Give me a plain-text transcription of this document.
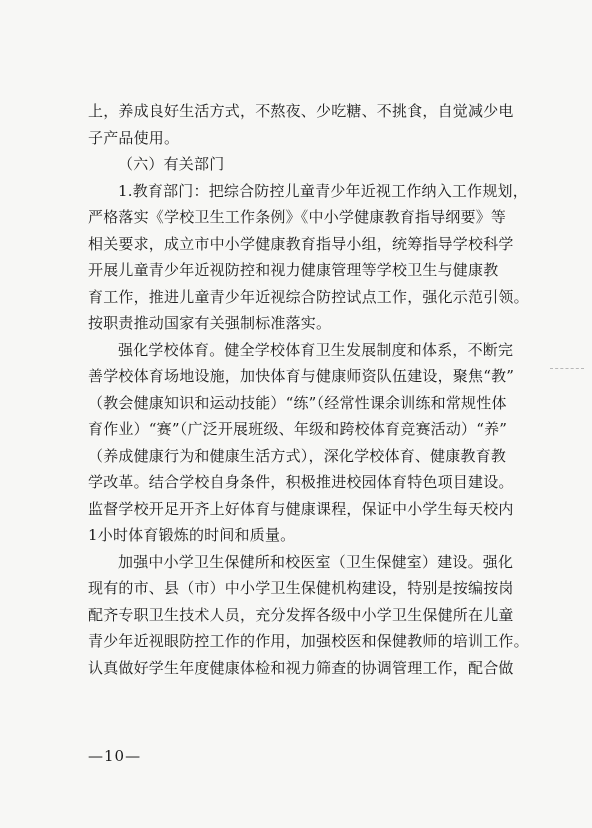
上，养成良好生活方式，不熬夜、少吃糖、不挑食，自觉减少电
子产品使用。
（六）有关部门
1.教育部门：把综合防控儿童青少年近视工作纳入工作规划，
严格落实《学校卫生工作条例》《中小学健康教育指导纲要》等
相关要求，成立市中小学健康教育指导小组，统筹指导学校科学
开展儿童青少年近视防控和视力健康管理等学校卫生与健康教
育工作，推进儿童青少年近视综合防控试点工作，强化示范引领。
按职责推动国家有关强制标准落实。
强化学校体育。健全学校体育卫生发展制度和体系，不断完
善学校体育场地设施，加快体育与健康师资队伍建设，聚焦“教”
（教会健康知识和运动技能）“练”（经常性课余训练和常规性体
育作业）“赛”（广泛开展班级、年级和跨校体育竞赛活动）“养”
（养成健康行为和健康生活方式），深化学校体育、健康教育教
学改革。结合学校自身条件，积极推进校园体育特色项目建设。
监督学校开足开齐上好体育与健康课程，保证中小学生每天校内
1小时体育锻炼的时间和质量。
加强中小学卫生保健所和校医室（卫生保健室）建设。强化
现有的市、县（市）中小学卫生保健机构建设，特别是按编按岗
配齐专职卫生技术人员，充分发挥各级中小学卫生保健所在儿童
青少年近视眼防控工作的作用，加强校医和保健教师的培训工作。
认真做好学生年度健康体检和视力筛查的协调管理工作，配合做
—10—
